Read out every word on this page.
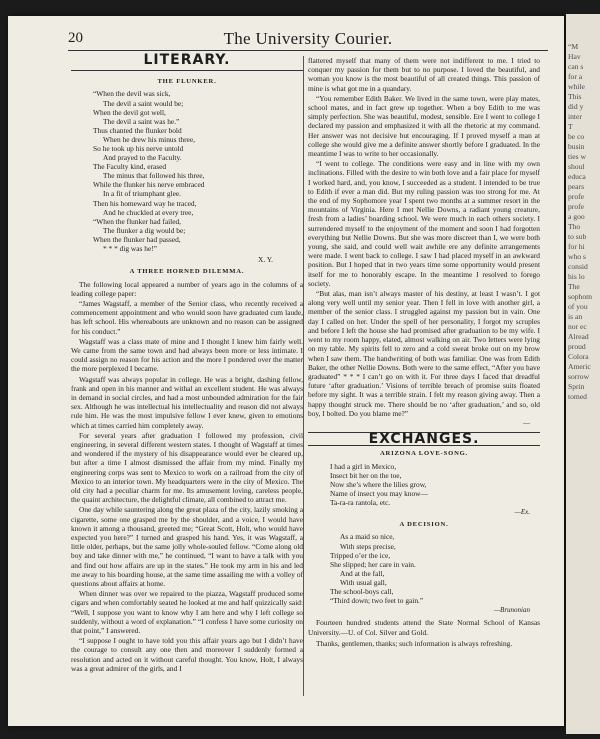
20	The University Courier.
LITERARY.
THE FLUNKER.

“When the devil was sick,

The devil a saint would be;

When the devil got well,

The devil a saint was he.”

Thus chanted the flunker bold

When he drew his minus three,

So he took up his nerve untold

And prayed to the Faculty.

The Faculty kind, erased

The minus that followed his three,

While the flunker his nerve embraced

In a fit of triumphant glee.

Then his homeward way he traced,

And he chuckled at every tree,

“When the flunker had failed,

The flunker a dig would be;

When the flunker had passed,

* * * dig was he!”

X. Y.
A THREE HORNED DILEMMA.

The following local appeared a number of years ago in the columns of a leading college paper:

“James Wagstaff, a member of the Senior class, who recently received a commencement appointment and who would soon have graduated cum laude, has left school. His whereabouts are unknown and no reason can be assigned for his conduct.”

Wagstaff was a class mate of mine and I thought I knew him fairly well. We came from the same town and had always been more or less intimate. I could assign no reason for his action and the more I pondered over the matter the more perplexed I became.

Wagstaff was always popular in college. He was a bright, dashing fellow, frank and open in his manner and withal an excellent student. He was always in demand in social circles, and had a most unbounded admiration for the fair sex. Although he was intellectual his intellectuality and reason did not always rule him. He was the most impulsive fellow I ever knew, given to emotions which at times carried him completely away.

For several years after graduation I followed my profession, civil engineering, in several different western states. I thought of Wagstaff at times and wondered if the mystery of his disappearance would ever be cleared up, but after a time I almost dismissed the affair from my mind. Finally my engineering corps was sent to Mexico to work on a railroad from the city of Mexico to an interior town. My headquarters were in the city of Mexico. The old city had a peculiar charm for me. Its amusement loving, careless people, the quaint architecture, the delightful climate, all combined to attract me.

One day while sauntering along the great plaza of the city, lazily smoking a cigarette, some one grasped me by the shoulder, and a voice, I would have known it among a thousand, greeted me; “Great Scott, Holt, who would have expected you here?” I turned and grasped his hand. Yes, it was Wagstaff, a little older, perhaps, but the same jolly whole-souled fellow. “Come along old boy and take dinner with me,” he continued, “I want to have a talk with you and find out how affairs are up in the states.” He took my arm in his and led me away to his boarding house, at the same time assailing me with a volley of questions about affairs at home.

When dinner was over we repaired to the piazza, Wagstaff produced some cigars and when comfortably seated he looked at me and half quizzically said: “Well, I suppose you want to know why I am here and why I left college so suddenly, without a word of explanation.” “I confess I have some curiosity on that point,” I answered.

“I suppose I ought to have told you this affair years ago but I didn’t have the courage to consult any one then and moreover I suddenly formed a resolution and acted on it without careful thought. You know, Holt, I always was a great admirer of the girls, and I

flattered myself that many of them were not indifferent to me. I tried to conquer my passion for them but to no purpose. I loved the beautiful, and woman you know is the most beautiful of all created things. This passion of mine is what got me in a quandary.

“You remember Edith Baker. We lived in the same town, were play mates, school mates, and in fact grew up together. When a boy Edith to me was simply perfection. She was beautiful, modest, sensible. Ere I went to college I declared my passion and emphasized it with all the rhetoric at my command. Her answer was not decisive but encouraging. If I proved myself a man at college she would give me a definite answer shortly before I graduated. In the meantime I was to write to her occasionally.

“I went to college. The conditions were easy and in line with my own inclinations. Filled with the desire to win both love and a fair place for myself I worked hard, and, you know, I succeeded as a student. I intended to be true to Edith if ever a man did. But my ruling passion was too strong for me. At the end of my Sophomore year I spent two months at a summer resort in the mountains of Virginia. Here I met Nellie Downs, a radiant young creature, fresh from a ladies’ boarding school. We were much in each others society. I surrendered myself to the enjoyment of the moment and soon I had forgotten everything but Nellie Downs. But she was more discreet than I, we were both young, she said, and could well wait awhile ere any definite arrangements were made. I went back to college. I saw I had placed myself in an awkward position. But I hoped that in two years time some opportunity would present itself for me to honorably escape. In the meantime I resolved to forego society.

“But alas, man isn’t always master of his destiny, at least I wasn’t. I got along very well until my senior year. Then I fell in love with another girl, a member of the senior class. I struggled against my passion but in vain. One day I called on her. Under the spell of her personality, I forgot my scruples and before I left the house she had promised after graduation to be my wife. I went to my room happy, elated, almost walking on air. Two letters were lying on my table. My spirits fell to zero and a cold sweat broke out on my brow when I saw them. The handwriting of both was familiar. One was from Edith Baker, the other Nellie Downs. Both were to the same effect, “After you have graduated” * * * I can’t go on with it. For three days I faced that dreadful future ‘after graduation.’ Visions of terrible breach of promise suits floated before my sight. It was a terrible strain. I felt my reason giving away. Then a happy thought struck me. There should be no ‘after graduation,’ and so, old boy, I bolted. Do you blame me?”

—
EXCHANGES.
ARIZONA LOVE-SONG.

I had a girl in Mexico,

Insect bit her on the toe,

Now she’s where the lilies grow,

Name of insect you may know—

Ta-ra-ra rantola, etc.

—Ex.
A DECISION.

As a maid so nice,

With steps precise,

Tripped o’er the ice,

She slipped; her care in vain.

And at the fall,

With usual gall,

The school-boys call,

“Third down; two feet to gain.”

—Brunonian

Fourteen hundred students attend the State Normal School of Kansas University.—U. of Col. Silver and Gold.

Thanks, gentlemen, thanks; such information is always refreshing.

“M
Hav
can s
for a
while
This
did y
inter
T
be co
busin
ties w
shoul
educa
pears
profe
profe
a goo
Tho
to sub
for hi
who s
consid
his lo
The
sophom
of you
is an
nor ec
Alread
proud
Colora
Americ
sorrow
Sprin
tomed
